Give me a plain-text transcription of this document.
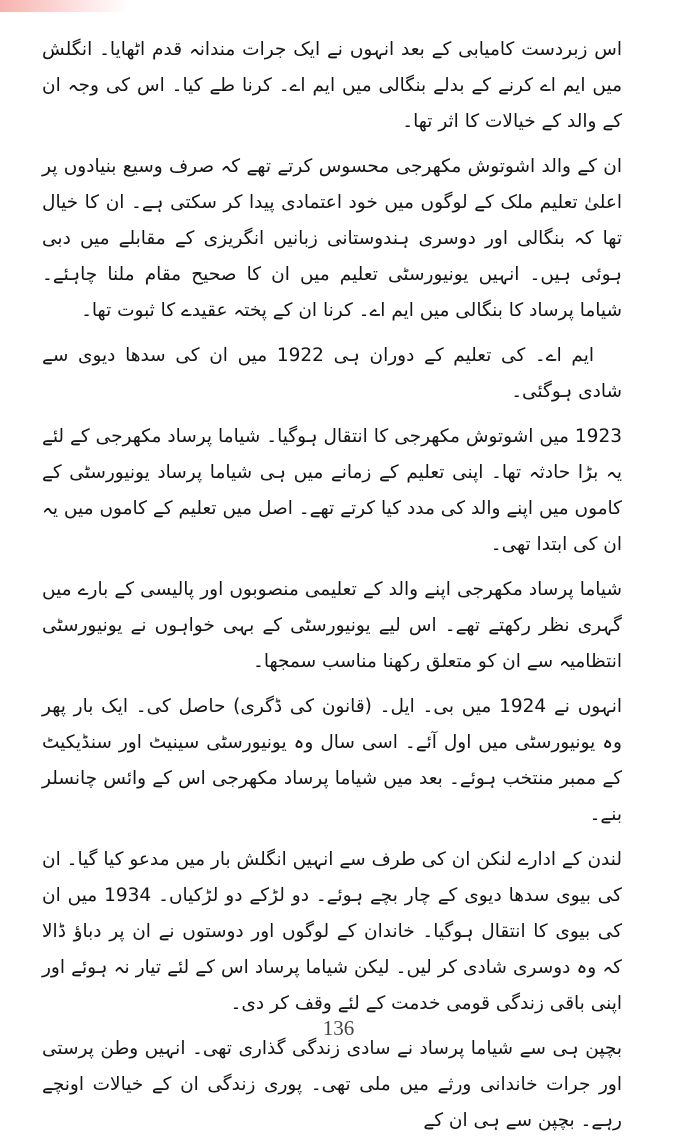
اس زبردست کامیابی کے بعد انہوں نے ایک جرات مندانہ قدم اٹھایا۔ انگلش میں ایم اے کرنے کے بدلے بنگالی میں ایم اے۔ کرنا طے کیا۔ اس کی وجہ ان کے والد کے خیالات کا اثر تھا۔

ان کے والد اشوتوش مکھرجی محسوس کرتے تھے کہ صرف وسیع بنیادوں پر اعلیٰ تعلیم ملک کے لوگوں میں خود اعتمادی پیدا کر سکتی ہے۔ ان کا خیال تھا کہ بنگالی اور دوسری ہندوستانی زبانیں انگریزی کے مقابلے میں دبی ہوئی ہیں۔ انہیں یونیورسٹی تعلیم میں ان کا صحیح مقام ملنا چاہئے۔ شیاما پرساد کا بنگالی میں ایم اے۔ کرنا ان کے پختہ عقیدے کا ثبوت تھا۔

ایم اے۔ کی تعلیم کے دوران ہی 1922 میں ان کی سدھا دیوی سے شادی ہوگئی۔

1923 میں اشوتوش مکھرجی کا انتقال ہوگیا۔ شیاما پرساد مکھرجی کے لئے یہ بڑا حادثہ تھا۔ اپنی تعلیم کے زمانے میں ہی شیاما پرساد یونیورسٹی کے کاموں میں اپنے والد کی مدد کیا کرتے تھے۔ اصل میں تعلیم کے کاموں میں یہ ان کی ابتدا تھی۔

شیاما پرساد مکھرجی اپنے والد کے تعلیمی منصوبوں اور پالیسی کے بارے میں گہری نظر رکھتے تھے۔ اس لیے یونیورسٹی کے بہی خواہوں نے یونیورسٹی انتظامیہ سے ان کو متعلق رکھنا مناسب سمجھا۔

انہوں نے 1924 میں بی۔ ایل۔ (قانون کی ڈگری) حاصل کی۔ ایک بار پھر وہ یونیورسٹی میں اول آئے۔ اسی سال وہ یونیورسٹی سینیٹ اور سنڈیکیٹ کے ممبر منتخب ہوئے۔ بعد میں شیاما پرساد مکھرجی اس کے وائس چانسلر بنے۔

لندن کے ادارے لنکن ان کی طرف سے انہیں انگلش بار میں مدعو کیا گیا۔ ان کی بیوی سدھا دیوی کے چار بچے ہوئے۔ دو لڑکے دو لڑکیاں۔ 1934 میں ان کی بیوی کا انتقال ہوگیا۔ خاندان کے لوگوں اور دوستوں نے ان پر دباؤ ڈالا کہ وہ دوسری شادی کر لیں۔ لیکن شیاما پرساد اس کے لئے تیار نہ ہوئے اور اپنی باقی زندگی قومی خدمت کے لئے وقف کر دی۔

بچپن ہی سے شیاما پرساد نے سادی زندگی گذاری تھی۔ انہیں وطن پرستی اور جرات خاندانی ورثے میں ملی تھی۔ پوری زندگی ان کے خیالات اونچے رہے۔ بچپن سے ہی ان کے

136
